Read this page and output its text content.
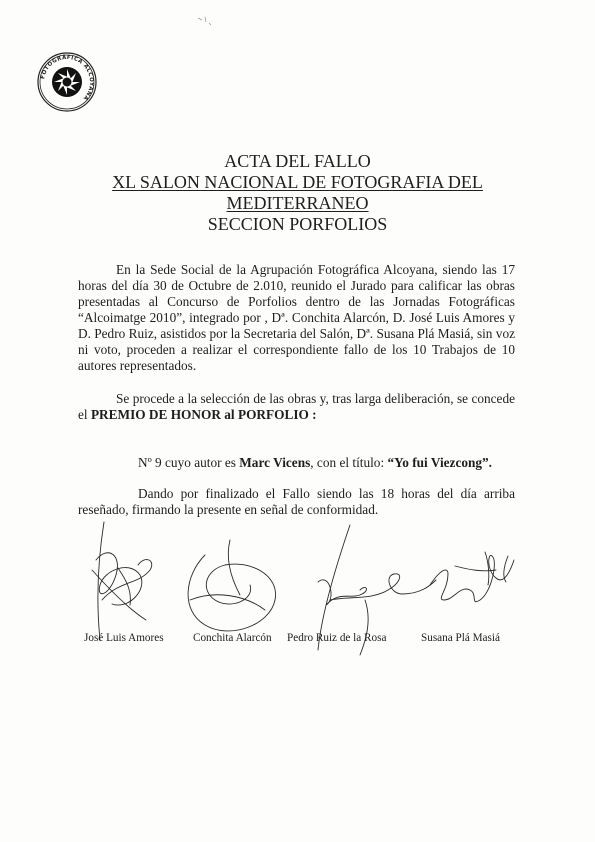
FOTOGRÁFICA ALCOYANA
ACTA DEL FALLO
XL SALON NACIONAL DE FOTOGRAFIA DEL
MEDITERRANEO
SECCION PORFOLIOS
En la Sede Social de la Agrupación Fotográfica Alcoyana, siendo las 17 horas del día 30 de Octubre de 2.010, reunido el Jurado para calificar las obras presentadas al Concurso de Porfolios dentro de las Jornadas Fotográficas “Alcoimatge 2010”, integrado por , Dª. Conchita Alarcón, D. José Luis Amores y D. Pedro Ruiz, asistidos por la Secretaria del Salón, Dª. Susana Plá Masiá, sin voz ni voto, proceden a realizar el correspondiente fallo de los 10 Trabajos de 10 autores representados.
Se procede a la selección de las obras y, tras larga deliberación, se concede el PREMIO DE HONOR al PORFOLIO :
Nº 9 cuyo autor es Marc Vicens, con el título: “Yo fui Viezcong”.
Dando por finalizado el Fallo siendo las 18 horas del día arriba reseñado, firmando la presente en señal de conformidad.
José Luis Amores	Conchita Alarcón Pedro Ruiz de la Rosa	Susana Plá Masiá
